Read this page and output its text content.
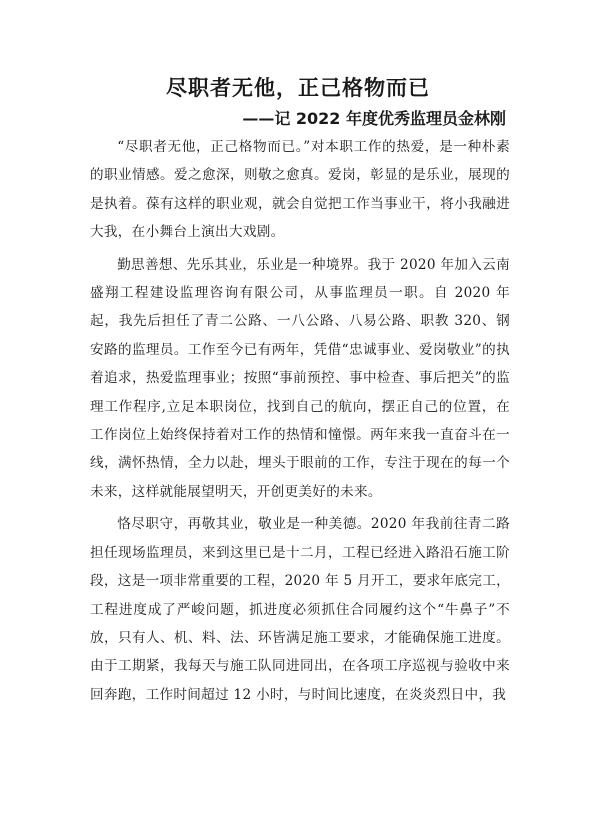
尽职者无他，正己格物而已
——记 2022 年度优秀监理员金林刚

“尽职者无他，正己格物而已。”对本职工作的热爱，是一种朴素的职业情感。爱之愈深，则敬之愈真。爱岗，彰显的是乐业，展现的是执着。葆有这样的职业观，就会自觉把工作当事业干，将小我融进大我，在小舞台上演出大戏剧。

勤思善想、先乐其业，乐业是一种境界。我于 2020 年加入云南盛翔工程建设监理咨询有限公司，从事监理员一职。自 2020 年起，我先后担任了青二公路、一八公路、八易公路、职教 320、钢安路的监理员。工作至今已有两年，凭借“忠诚事业、爱岗敬业”的执着追求，热爱监理事业；按照“事前预控、事中检查、事后把关”的监理工作程序,立足本职岗位，找到自己的航向，摆正自己的位置，在工作岗位上始终保持着对工作的热情和憧憬。两年来我一直奋斗在一线，满怀热情，全力以赴，埋头于眼前的工作，专注于现在的每一个未来，这样就能展望明天，开创更美好的未来。

恪尽职守，再敬其业，敬业是一种美德。2020 年我前往青二路担任现场监理员，来到这里已是十二月，工程已经进入路沿石施工阶段，这是一项非常重要的工程，2020 年 5 月开工，要求年底完工，工程进度成了严峻问题，抓进度必须抓住合同履约这个“牛鼻子”不放，只有人、机、料、法、环皆满足施工要求，才能确保施工进度。由于工期紧，我每天与施工队同进同出，在各项工序巡视与验收中来回奔跑，工作时间超过 12 小时，与时间比速度，在炎炎烈日中，我
